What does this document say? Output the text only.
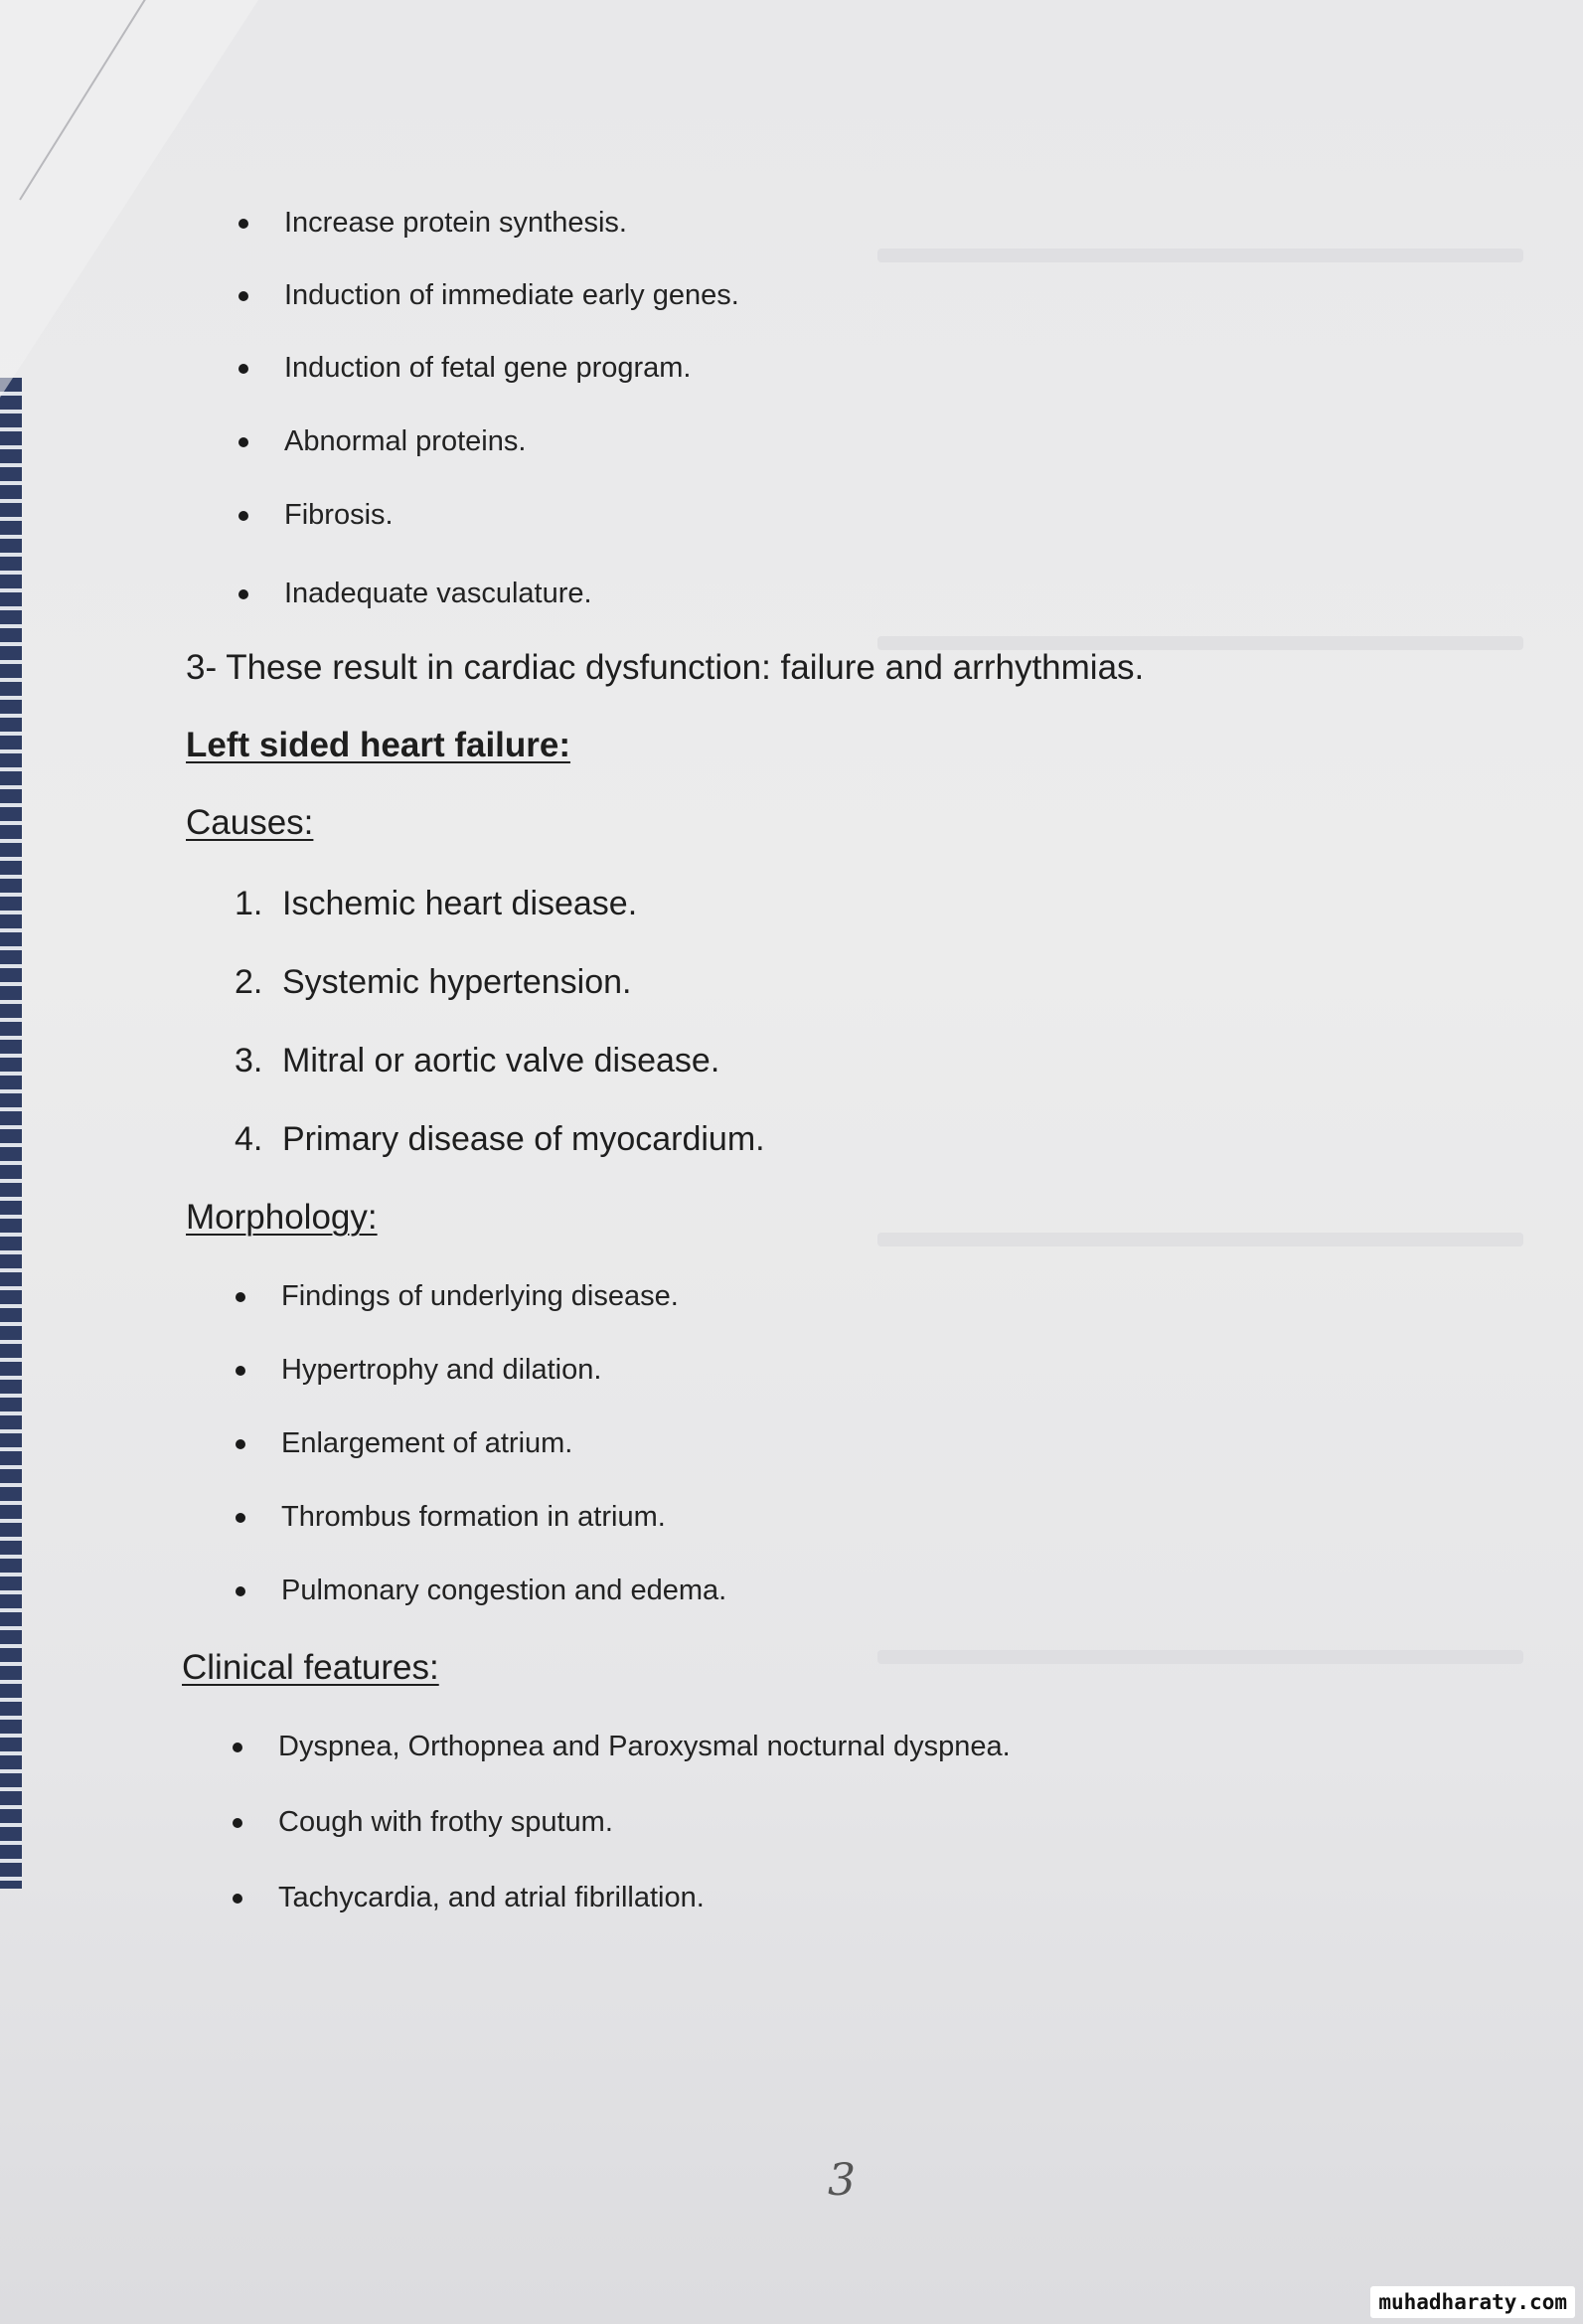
Increase protein synthesis.
Induction of immediate early genes.
Induction of fetal gene program.
Abnormal proteins.
Fibrosis.
Inadequate vasculature.
3- These result in cardiac dysfunction: failure and arrhythmias.
Left sided heart failure:
Causes:
1. Ischemic heart disease.
2. Systemic hypertension.
3. Mitral or aortic valve disease.
4. Primary disease of myocardium.
Morphology:
Findings of underlying disease.
Hypertrophy and dilation.
Enlargement of atrium.
Thrombus formation in atrium.
Pulmonary congestion and edema.
Clinical features:
Dyspnea, Orthopnea and Paroxysmal nocturnal dyspnea.
Cough with frothy sputum.
Tachycardia, and atrial fibrillation.
3
muhadharaty.com
